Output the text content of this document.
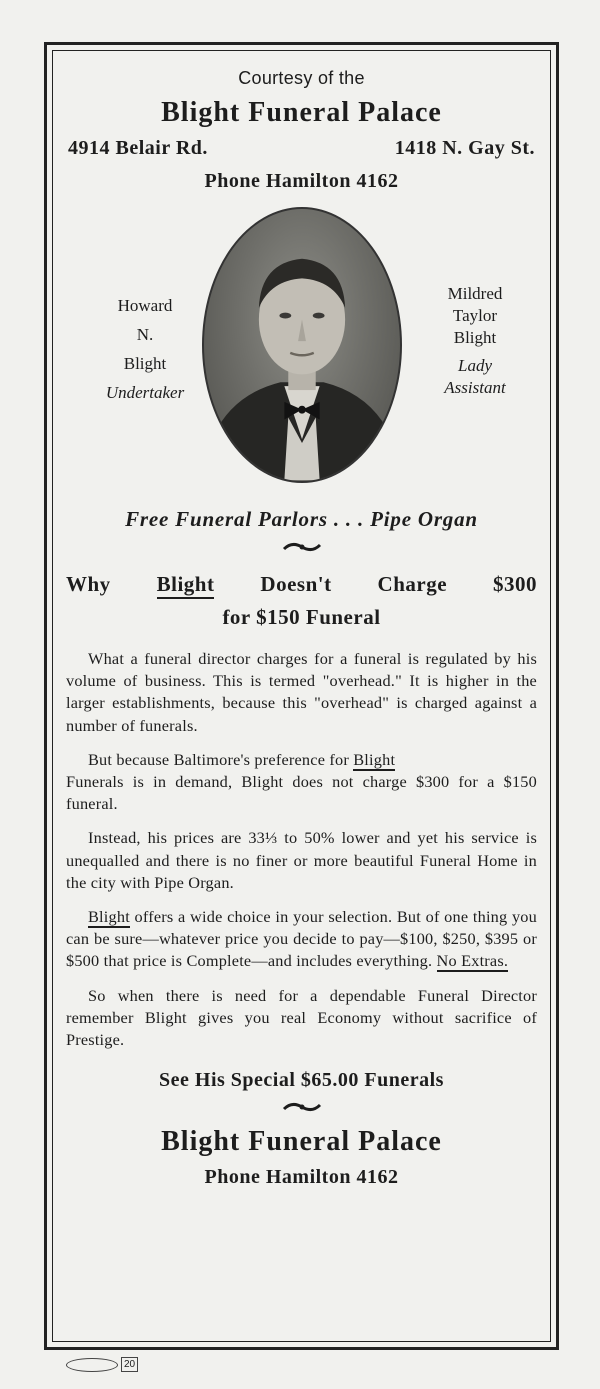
Courtesy of the
Blight Funeral Palace
4914 Belair Rd.	1418 N. Gay St.
Phone Hamilton 4162
Howard
N.
Blight
Undertaker
Mildred
Taylor
Blight
Lady
Assistant
Free Funeral Parlors . . . Pipe Organ
Why Blight Doesn't Charge $300
for $150 Funeral
What a funeral director charges for a funeral is regulated by his volume of business. This is termed "overhead." It is higher in the larger establishments, because this "overhead" is charged against a number of funerals.
But because Baltimore's preference for Blight
Funerals is in demand, Blight does not charge $300 for a $150 funeral.
Instead, his prices are 33⅓ to 50% lower and yet his service is unequalled and there is no finer or more beautiful Funeral Home in the city with Pipe Organ.
Blight offers a wide choice in your selection. But of one thing you can be sure—whatever price you decide to pay—$100, $250, $395 or $500 that price is Complete—and includes everything. No Extras.
So when there is need for a dependable Funeral Director remember Blight gives you real Economy without sacrifice of Prestige.
See His Special $65.00 Funerals
Blight Funeral Palace
Phone Hamilton 4162
20
